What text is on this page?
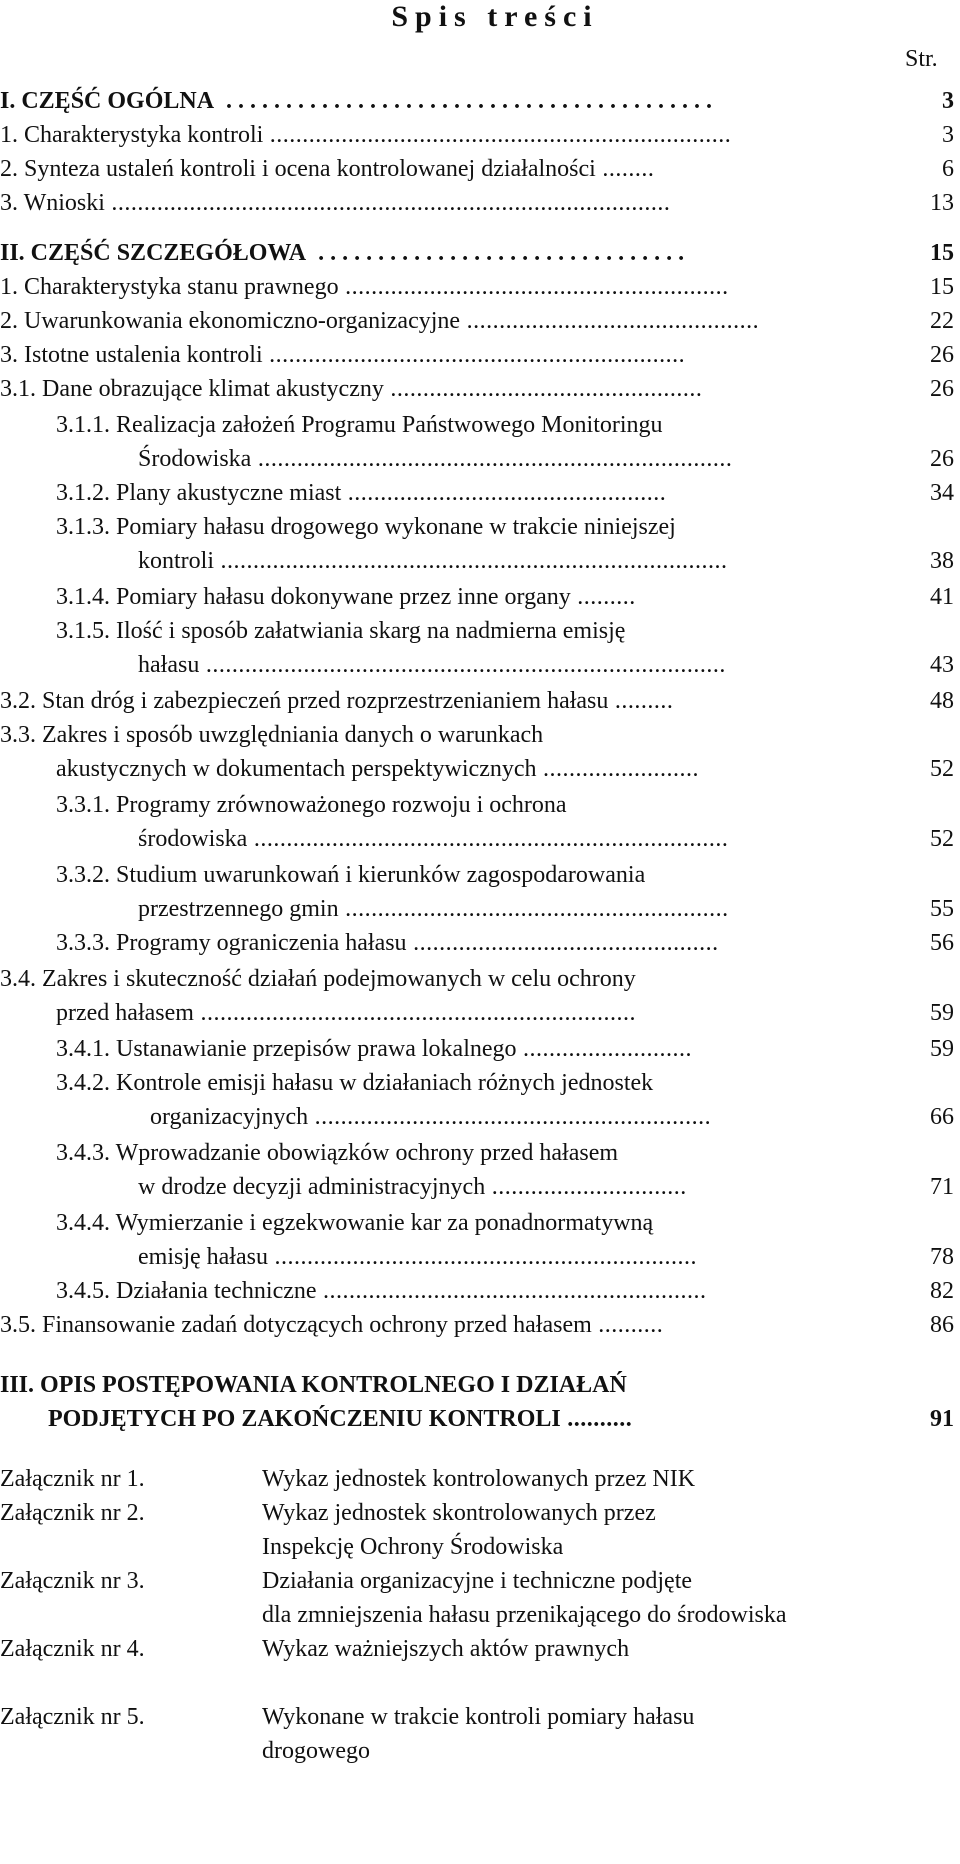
Spis treści
Str.
I. CZĘŚĆ OGÓLNA .........................................	3
1. Charakterystyka kontroli .......................................................................	3
2. Synteza ustaleń kontroli i ocena kontrolowanej działalności ........	6
3. Wnioski ......................................................................................	13
II. CZĘŚĆ SZCZEGÓŁOWA ...............................	15
1. Charakterystyka stanu prawnego ...........................................................	15
2. Uwarunkowania ekonomiczno-organizacyjne .............................................	22
3. Istotne ustalenia kontroli ................................................................	26
3.1. Dane obrazujące klimat akustyczny ................................................	26
3.1.1. Realizacja założeń Programu Państwowego Monitoringu
Środowiska .........................................................................	26
3.1.2. Plany akustyczne miast .................................................	34
3.1.3. Pomiary hałasu drogowego wykonane w trakcie niniejszej
kontroli ..............................................................................	38
3.1.4. Pomiary hałasu dokonywane przez inne organy .........	41
3.1.5. Ilość i sposób załatwiania skarg na nadmierna emisję
hałasu ................................................................................	43
3.2. Stan dróg i zabezpieczeń przed rozprzestrzenianiem hałasu .........	48
3.3. Zakres i sposób uwzględniania danych o warunkach
akustycznych w dokumentach perspektywicznych ........................	52
3.3.1. Programy zrównoważonego rozwoju i ochrona
środowiska .........................................................................	52
3.3.2. Studium uwarunkowań i kierunków zagospodarowania
przestrzennego gmin ...........................................................	55
3.3.3. Programy ograniczenia hałasu ...............................................	56
3.4. Zakres i skuteczność działań podejmowanych w celu ochrony
przed hałasem ...................................................................	59
3.4.1. Ustanawianie przepisów prawa lokalnego ..........................	59
3.4.2. Kontrole emisji hałasu w działaniach różnych jednostek
organizacyjnych .............................................................	66
3.4.3. Wprowadzanie obowiązków ochrony przed hałasem
w drodze decyzji administracyjnych ..............................	71
3.4.4. Wymierzanie i egzekwowanie kar za ponadnormatywną
emisję hałasu .................................................................	78
3.4.5. Działania techniczne ...........................................................	82
3.5. Finansowanie zadań dotyczących ochrony przed hałasem ..........	86
III. OPIS POSTĘPOWANIA KONTROLNEGO I DZIAŁAŃ
PODJĘTYCH PO ZAKOŃCZENIU KONTROLI ..........	91
Załącznik nr 1.	Wykaz jednostek kontrolowanych przez NIK
Załącznik nr 2.	Wykaz jednostek skontrolowanych przez
Inspekcję Ochrony Środowiska
Załącznik nr 3.	Działania organizacyjne i techniczne podjęte
dla zmniejszenia hałasu przenikającego do środowiska
Załącznik nr 4.	Wykaz ważniejszych aktów prawnych
Załącznik nr 5.	Wykonane w trakcie kontroli pomiary hałasu
drogowego
